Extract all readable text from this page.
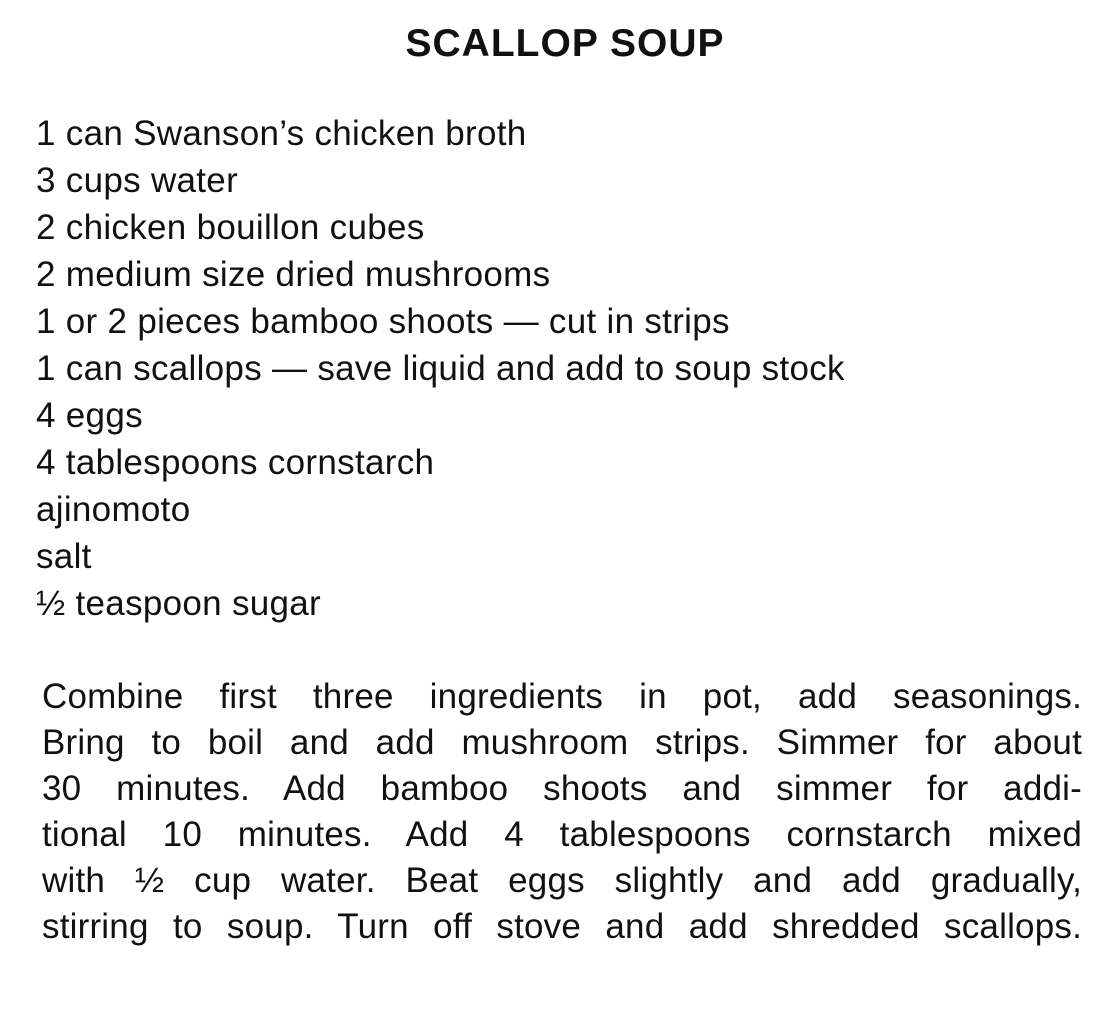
SCALLOP SOUP
1 can Swanson’s chicken broth
3 cups water
2 chicken bouillon cubes
2 medium size dried mushrooms
1 or 2 pieces bamboo shoots — cut in strips
1 can scallops — save liquid and add to soup stock
4 eggs
4 tablespoons cornstarch
ajinomoto
salt
½ teaspoon sugar
Combine first three ingredients in pot, add seasonings.
Bring to boil and add mushroom strips. Simmer for about
30 minutes. Add bamboo shoots and simmer for addi-
tional 10 minutes. Add 4 tablespoons cornstarch mixed
with ½ cup water. Beat eggs slightly and add gradually,
stirring to soup. Turn off stove and add shredded scallops.
